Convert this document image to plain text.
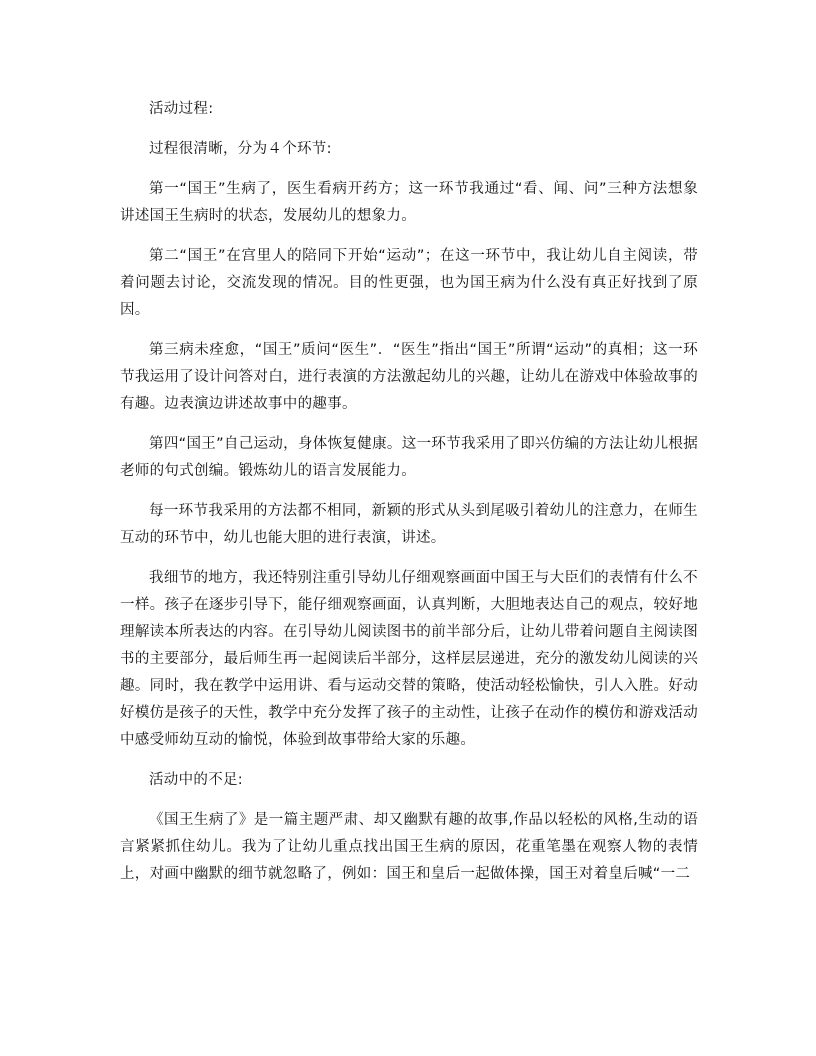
活动过程:

过程很清晰，分为４个环节:

第一“国王”生病了，医生看病开药方；这一环节我通过“看、闻、问”三种方法想象讲述国王生病时的状态，发展幼儿的想象力。

第二“国王”在宫里人的陪同下开始“运动”；在这一环节中，我让幼儿自主阅读，带着问题去讨论，交流发现的情况。目的性更强，也为国王病为什么没有真正好找到了原因。

第三病未痊愈，“国王”质问“医生”．“医生”指出“国王”所谓“运动”的真相；这一环节我运用了设计问答对白，进行表演的方法激起幼儿的兴趣，让幼儿在游戏中体验故事的有趣。边表演边讲述故事中的趣事。

第四“国王”自己运动，身体恢复健康。这一环节我采用了即兴仿编的方法让幼儿根据老师的句式创编。锻炼幼儿的语言发展能力。

每一环节我采用的方法都不相同，新颖的形式从头到尾吸引着幼儿的注意力，在师生互动的环节中，幼儿也能大胆的进行表演，讲述。

我细节的地方，我还特别注重引导幼儿仔细观察画面中国王与大臣们的表情有什么不一样。孩子在逐步引导下，能仔细观察画面，认真判断，大胆地表达自己的观点，较好地理解读本所表达的内容。在引导幼儿阅读图书的前半部分后，让幼儿带着问题自主阅读图书的主要部分，最后师生再一起阅读后半部分，这样层层递进，充分的激发幼儿阅读的兴趣。同时，我在教学中运用讲、看与运动交替的策略，使活动轻松愉快，引人入胜。好动好模仿是孩子的天性，教学中充分发挥了孩子的主动性，让孩子在动作的模仿和游戏活动中感受师幼互动的愉悦，体验到故事带给大家的乐趣。

活动中的不足:

《国王生病了》是一篇主题严肃、却又幽默有趣的故事,作品以轻松的风格,生动的语言紧紧抓住幼儿。我为了让幼儿重点找出国王生病的原因，花重笔墨在观察人物的表情上，对画中幽默的细节就忽略了，例如：国王和皇后一起做体操，国王对着皇后喊“一二
